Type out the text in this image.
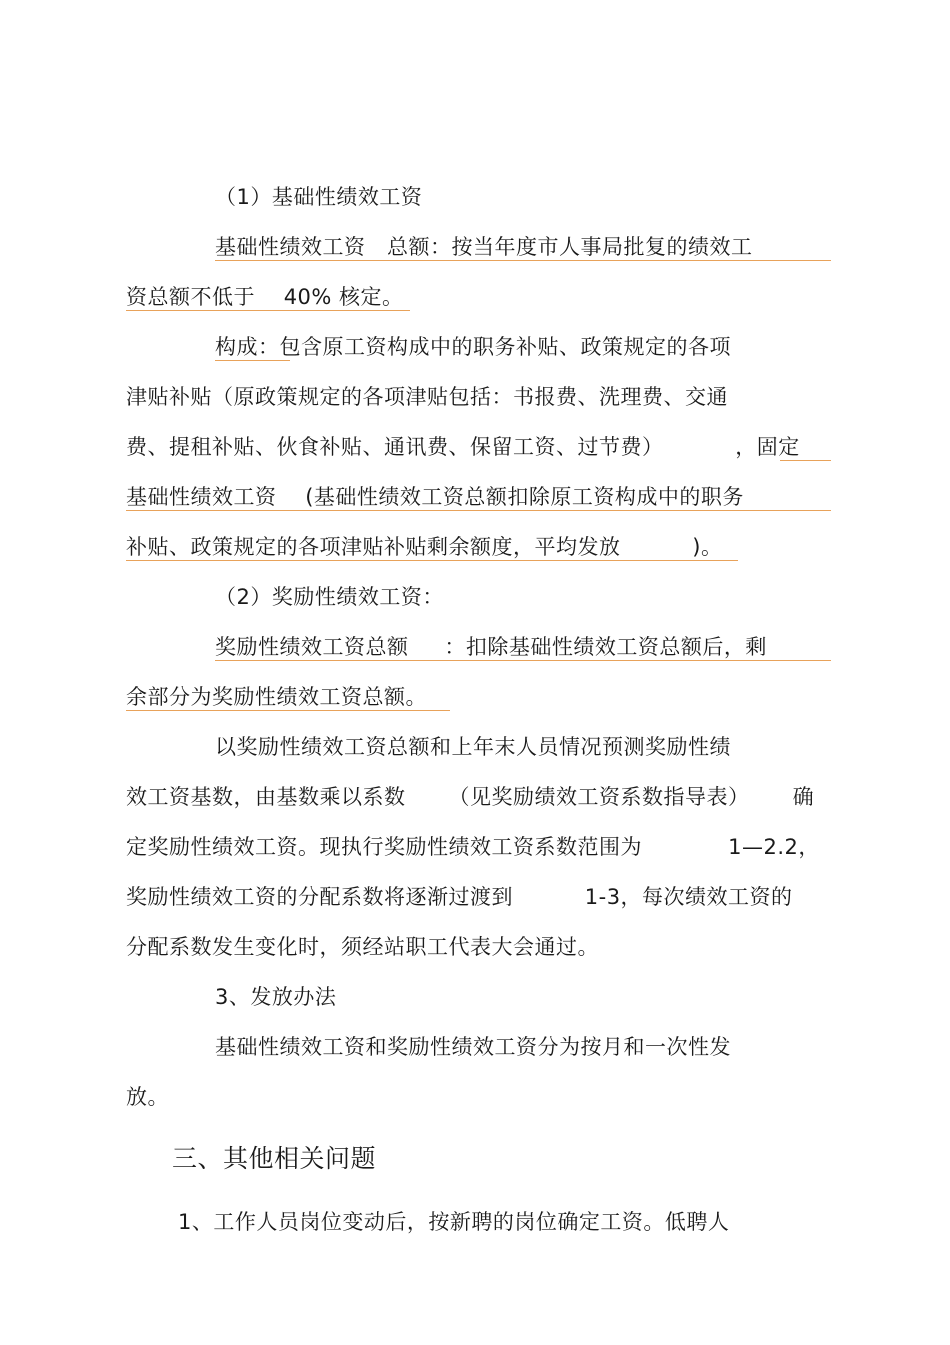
（1）基础性绩效工资
基础性绩效工资   总额：按当年度市人事局批复的绩效工
资总额不低于    40% 核定。
构成：包含原工资构成中的职务补贴、政策规定的各项
津贴补贴（原政策规定的各项津贴包括：书报费、洗理费、交通
费、提租补贴、伙食补贴、通讯费、保留工资、过节费）          ，固定
基础性绩效工资    (基础性绩效工资总额扣除原工资构成中的职务
补贴、政策规定的各项津贴补贴剩余额度，平均发放          )。
（2）奖励性绩效工资：
奖励性绩效工资总额     ：扣除基础性绩效工资总额后，剩
余部分为奖励性绩效工资总额。
以奖励性绩效工资总额和上年末人员情况预测奖励性绩
效工资基数，由基数乘以系数      （见奖励绩效工资系数指导表）      确
定奖励性绩效工资。现执行奖励性绩效工资系数范围为            1—2.2，
奖励性绩效工资的分配系数将逐渐过渡到          1-3，每次绩效工资的
分配系数发生变化时，须经站职工代表大会通过。
3、发放办法
基础性绩效工资和奖励性绩效工资分为按月和一次性发
放。
三、其他相关问题
1、工作人员岗位变动后，按新聘的岗位确定工资。低聘人
